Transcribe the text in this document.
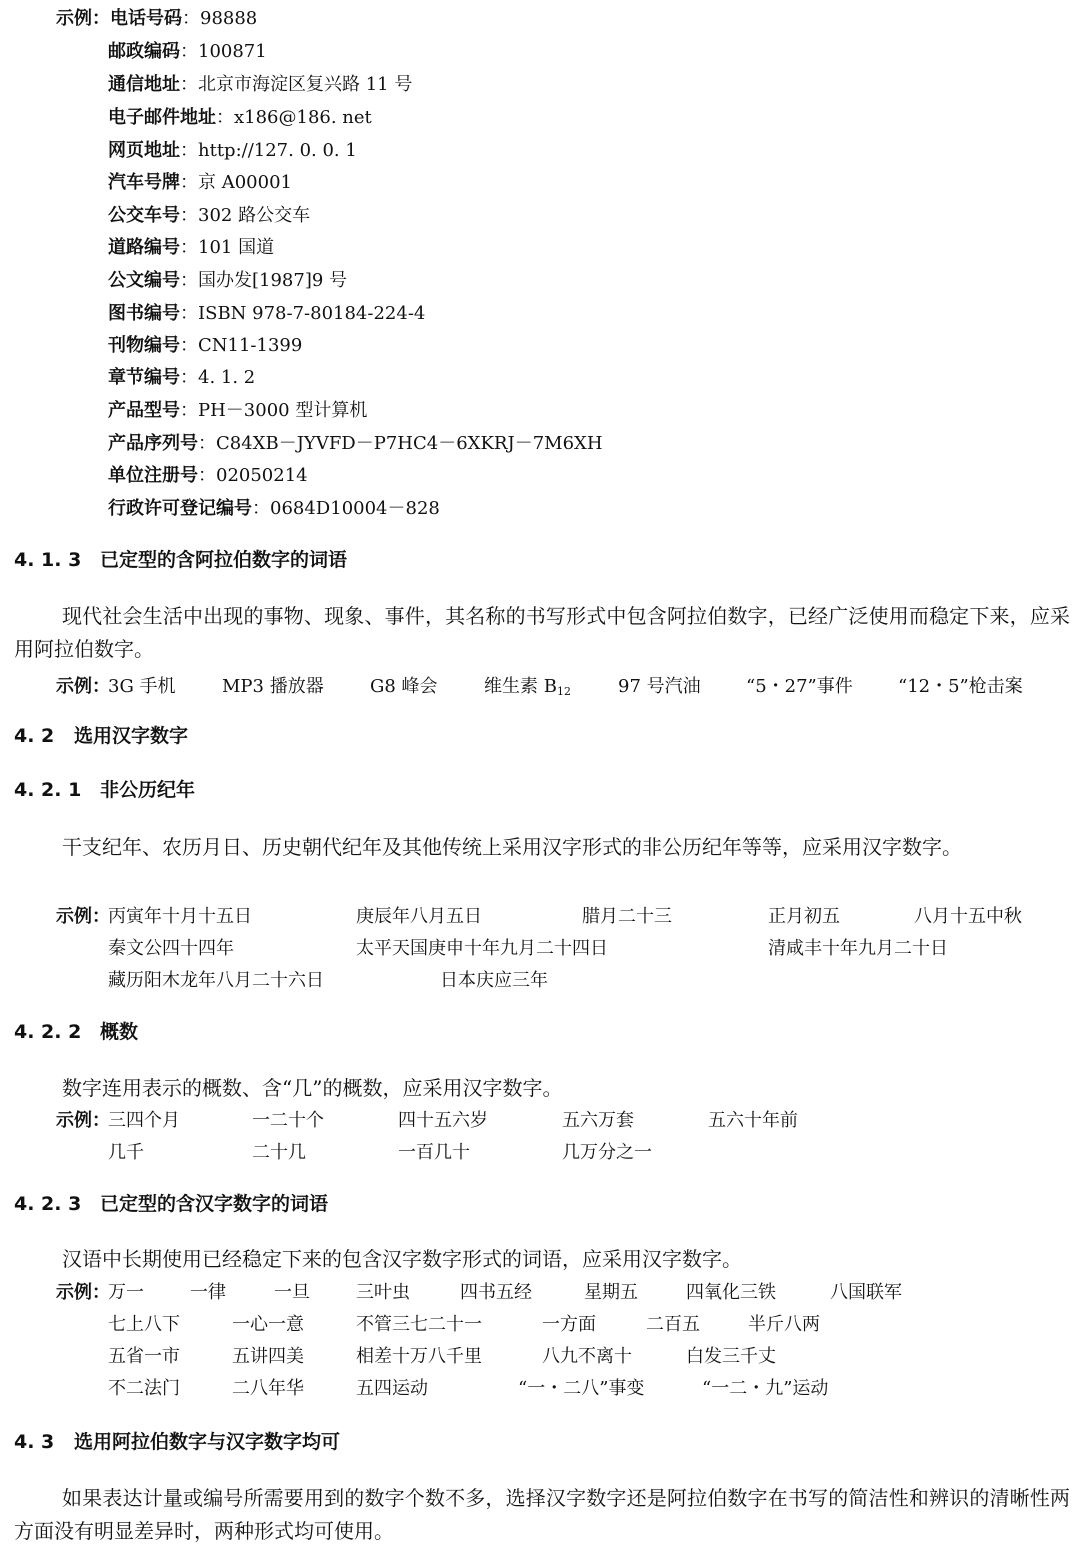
示例：电话号码：98888
邮政编码：100871
通信地址：北京市海淀区复兴路 11 号
电子邮件地址：x186@186. net
网页地址：http://127. 0. 0. 1
汽车号牌：京 A00001
公交车号：302 路公交车
道路编号：101 国道
公文编号：国办发[1987]9 号
图书编号：ISBN 978-7-80184-224-4
刊物编号：CN11-1399
章节编号：4. 1. 2
产品型号：PH－3000 型计算机
产品序列号：C84XB－JYVFD－P7HC4－6XKRJ－7M6XH
单位注册号：02050214
行政许可登记编号：0684D10004－828
4. 1. 3 已定型的含阿拉伯数字的词语
现代社会生活中出现的事物、现象、事件，其名称的书写形式中包含阿拉伯数字，已经广泛使用而稳定下来，应采用阿拉伯数字。
示例：
3G 手机	MP3 播放器	G8 峰会	维生素 $B_{12}$	97 号汽油	“5・27”事件	“12・5”枪击案
4. 2 选用汉字数字
4. 2. 1 非公历纪年
干支纪年、农历月日、历史朝代纪年及其他传统上采用汉字形式的非公历纪年等等，应采用汉字数字。
示例：
丙寅年十月十五日	庚辰年八月五日	腊月二十三	正月初五	八月十五中秋
秦文公四十四年	太平天国庚申十年九月二十四日	清咸丰十年九月二十日
藏历阳木龙年八月二十六日	日本庆应三年
4. 2. 2 概数
数字连用表示的概数、含“几”的概数，应采用汉字数字。
示例：
三四个月	一二十个	四十五六岁	五六万套	五六十年前
几千	二十几	一百几十	几万分之一
4. 2. 3 已定型的含汉字数字的词语
汉语中长期使用已经稳定下来的包含汉字数字形式的词语，应采用汉字数字。
示例：
万一	一律	一旦	三叶虫	四书五经	星期五	四氧化三铁	八国联军
七上八下	一心一意	不管三七二十一	一方面	二百五	半斤八两
五省一市	五讲四美	相差十万八千里	八九不离十	白发三千丈
不二法门	二八年华	五四运动	“一・二八”事变	“一二・九”运动
4. 3 选用阿拉伯数字与汉字数字均可
如果表达计量或编号所需要用到的数字个数不多，选择汉字数字还是阿拉伯数字在书写的简洁性和辨识的清晰性两方面没有明显差异时，两种形式均可使用。
